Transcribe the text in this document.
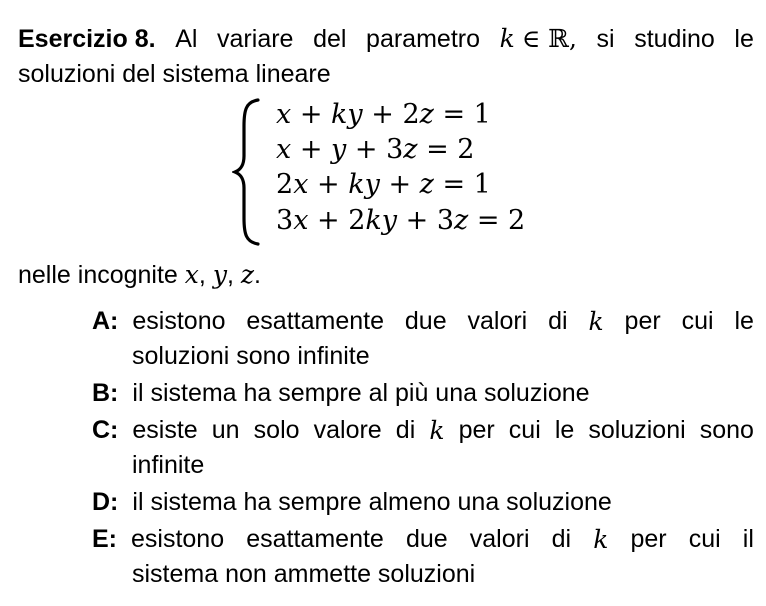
Esercizio 8. Al variare del parametro k ∈ ℝ, si studino le
soluzioni del sistema lineare
x + ky + 2z = 1
x + y + 3z = 2
2x + ky + z = 1
3x + 2ky + 3z = 2
nelle incognite x, y, z.
A: esistono esattamente due valori di k per cui le
soluzioni sono infinite
B: il sistema ha sempre al più una soluzione
C: esiste un solo valore di k per cui le soluzioni sono
infinite
D: il sistema ha sempre almeno una soluzione
E: esistono esattamente due valori di k per cui il
sistema non ammette soluzioni
